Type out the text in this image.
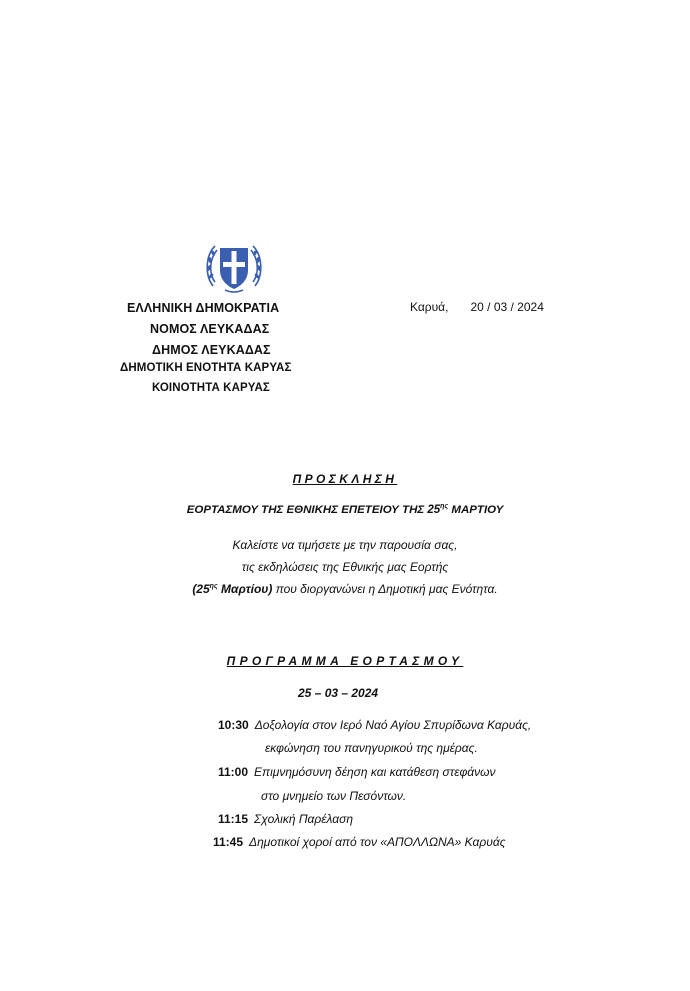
ΕΛΛΗΝΙΚΗ ΔΗΜΟΚΡΑΤΙΑ
ΝΟΜΟΣ ΛΕΥΚΑΔΑΣ
ΔΗΜΟΣ ΛΕΥΚΑΔΑΣ
ΔΗΜΟΤΙΚΗ ΕΝΟΤΗΤΑ ΚΑΡΥΑΣ
ΚΟΙΝΟΤΗΤΑ ΚΑΡΥΑΣ
Καρυά, 20 / 03 / 2024
ΠΡΟΣΚΛΗΣΗ
ΕΟΡΤΑΣΜΟΥ ΤΗΣ ΕΘΝΙΚΗΣ ΕΠΕΤΕΙΟΥ ΤΗΣ $25^{\eta\varsigma}$ ΜΑΡΤΙΟΥ
Καλείστε να τιμήσετε με την παρουσία σας,
τις εκδηλώσεις της Εθνικής μας Εορτής
($25^{\eta\varsigma}$ Μαρτίου) που διοργανώνει η Δημοτική μας Ενότητα.
ΠΡΟΓΡΑΜΜΑ ΕΟΡΤΑΣΜΟΥ
25 – 03 – 2024
10:30 Δοξολογία στον Ιερό Ναό Αγίου Σπυρίδωνα Καρυάς,
εκφώνηση του πανηγυρικού της ημέρας.
11:00 Επιμνημόσυνη δέηση και κατάθεση στεφάνων
στο μνημείο των Πεσόντων.
11:15 Σχολική Παρέλαση
11:45 Δημοτικοί χοροί από τον «ΑΠΟΛΛΩΝΑ» Καρυάς
